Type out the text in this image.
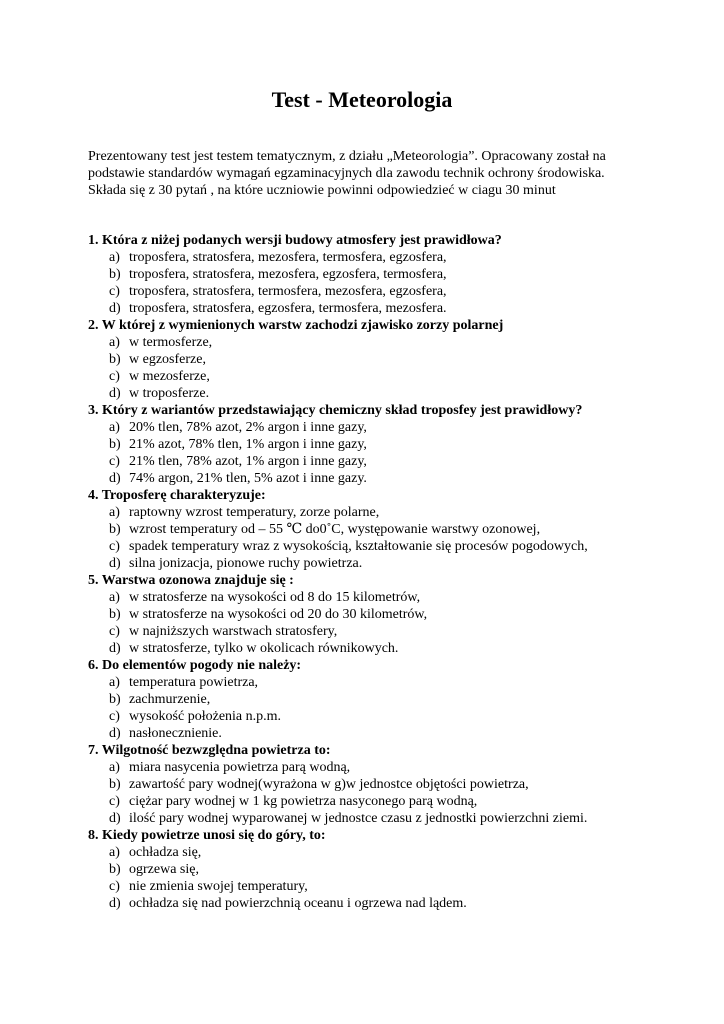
Test - Meteorologia

Prezentowany test jest testem tematycznym, z działu „Meteorologia”. Opracowany został na
podstawie standardów wymagań egzaminacyjnych dla zawodu technik ochrony środowiska.
Składa się z 30 pytań , na które uczniowie powinni odpowiedzieć w ciagu 30 minut

1. Która z niżej podanych wersji budowy atmosfery jest prawidłowa?
a) troposfera, stratosfera, mezosfera, termosfera, egzosfera,
b) troposfera, stratosfera, mezosfera, egzosfera, termosfera,
c) troposfera, stratosfera, termosfera, mezosfera, egzosfera,
d) troposfera, stratosfera, egzosfera, termosfera, mezosfera.
2. W której z wymienionych warstw zachodzi zjawisko zorzy polarnej
a) w termosferze,
b) w egzosferze,
c) w mezosferze,
d) w troposferze.
3. Który z wariantów przedstawiający chemiczny skład troposfey jest prawidłowy?
a) 20% tlen, 78% azot, 2% argon i inne gazy,
b) 21% azot, 78% tlen, 1% argon i inne gazy,
c) 21% tlen, 78% azot, 1% argon i inne gazy,
d) 74% argon, 21% tlen, 5% azot i inne gazy.
4. Troposferę charakteryzuje:
a) raptowny wzrost temperatury, zorze polarne,
b) wzrost temperatury od – 55 ℃ do0˚C, występowanie warstwy ozonowej,
c) spadek temperatury wraz z wysokością, kształtowanie się procesów pogodowych,
d) silna jonizacja, pionowe ruchy powietrza.
5. Warstwa ozonowa znajduje się :
a) w stratosferze na wysokości od 8 do 15 kilometrów,
b) w stratosferze na wysokości od 20 do 30 kilometrów,
c) w najniższych warstwach stratosfery,
d) w stratosferze, tylko w okolicach równikowych.
6. Do elementów pogody nie należy:
a) temperatura powietrza,
b) zachmurzenie,
c) wysokość położenia n.p.m.
d) nasłonecznienie.
7. Wilgotność bezwzględna powietrza to:
a) miara nasycenia powietrza parą wodną,
b) zawartość pary wodnej(wyrażona w g)w jednostce objętości powietrza,
c) ciężar pary wodnej w 1 kg powietrza nasyconego parą wodną,
d) ilość pary wodnej wyparowanej w jednostce czasu z jednostki powierzchni ziemi.
8. Kiedy powietrze unosi się do góry, to:
a) ochładza się,
b) ogrzewa się,
c) nie zmienia swojej temperatury,
d) ochładza się nad powierzchnią oceanu i ogrzewa nad lądem.
